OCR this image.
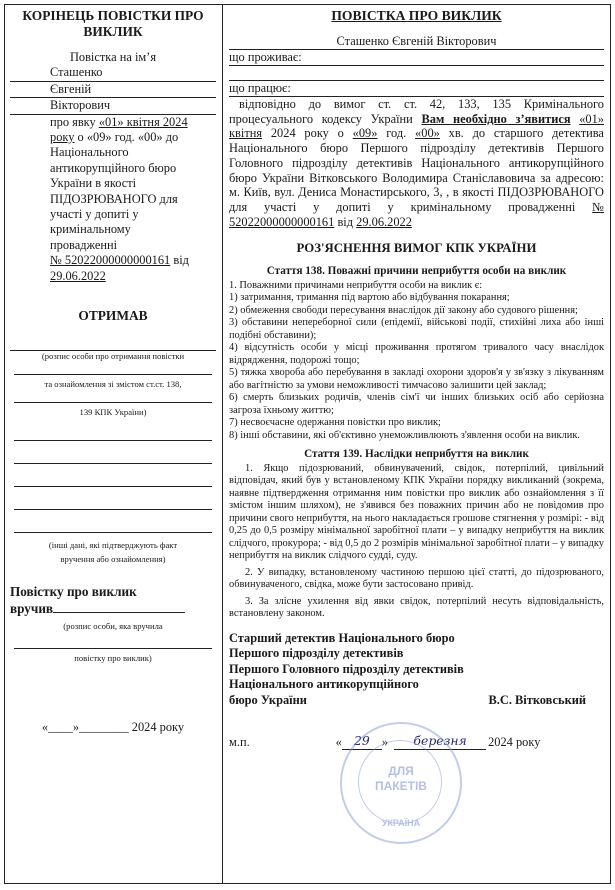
КОРІНЕЦЬ ПОВІСТКИ ПРО ВИКЛИК
Повістка на ім’я
Сташенко
Євгеній
Вікторович
про явку «01» квітня 2024
року о «09» год. «00» до
Національного
антикорупційного бюро
України в якості
ПІДОЗРЮВАНОГО для
участі у допиті у
кримінальному
провадженні
№ 52022000000000161 від
29.06.2022
ОТРИМАВ
(розпис особи про отримання повістки
та ознайомлення зі змістом ст.ст. 138,
139 КПК України)
(інші дані, які підтверджують факт
вручення або ознайомлення)
Повістку про виклик
вручив
(розпис особи, яка вручила
повістку про виклик)
«____»________ 2024 року
ПОВІСТКА ПРО ВИКЛИК
Сташенко Євгеній Вікторович
що проживає:
що працює:

відповідно до вимог ст. ст. 42, 133, 135 Кримінального процесуального кодексу України Вам необхідно з’явитися «01» квітня 2024 року о «09» год. «00» хв. до старшого детектива Національного бюро Першого підрозділу детективів Першого Головного підрозділу детективів Національного антикорупційного бюро України Вітковського Володимира Станіславовича за адресою: м. Київ, вул. Дениса Монастирського, 3, , в якості ПІДОЗРЮВАНОГО для участі у допиті у кримінальному провадженні № 52022000000000161 від 29.06.2022

РОЗ'ЯСНЕННЯ ВИМОГ КПК УКРАЇНИ
Стаття 138. Поважні причини неприбуття особи на виклик

1. Поважними причинами неприбуття особи на виклик є:

1) затримання, тримання під вартою або відбування покарання;

2) обмеження свободи пересування внаслідок дії закону або судового рішення;

3) обставини непереборної сили (епідемії, військові події, стихійні лиха або інші подібні обставини);

4) відсутність особи у місці проживання протягом тривалого часу внаслідок відрядження, подорожі тощо;

5) тяжка хвороба або перебування в закладі охорони здоров'я у зв'язку з лікуванням або вагітністю за умови неможливості тимчасово залишити цей заклад;

6) смерть близьких родичів, членів сім'ї чи інших близьких осіб або серйозна загроза їхньому життю;

7) несвоєчасне одержання повістки про виклик;

8) інші обставини, які об'єктивно унеможливлюють з'явлення особи на виклик.

Стаття 139. Наслідки неприбуття на виклик

1. Якщо підозрюваний, обвинувачений, свідок, потерпілий, цивільний відповідач, який був у встановленому КПК України порядку викликаний (зокрема, наявне підтвердження отримання ним повістки про виклик або ознайомлення з її змістом іншим шляхом), не з'явився без поважних причин або не повідомив про причини свого неприбуття, на нього накладається грошове стягнення у розмірі: - від 0,25 до 0,5 розміру мінімальної заробітної плати – у випадку неприбуття на виклик слідчого, прокурора; - від 0,5 до 2 розмірів мінімальної заробітної плати – у випадку неприбуття на виклик слідчого судді, суду.

2. У випадку, встановленому частиною першою цієї статті, до підозрюваного, обвинуваченого, свідка, може бути застосовано привід.

3. За злісне ухилення від явки свідок, потерпілий несуть відповідальність, встановлену законом.

Старший детектив Національного бюро
Першого підрозділу детективів
Першого Головного підрозділу детективів
Національного антикорупційного
бюро України	В.С. Вітковський
м.п.	« 29 »	березня	2024 року
ДЛЯ
ПАКЕТІВ
УКРАЇНА
